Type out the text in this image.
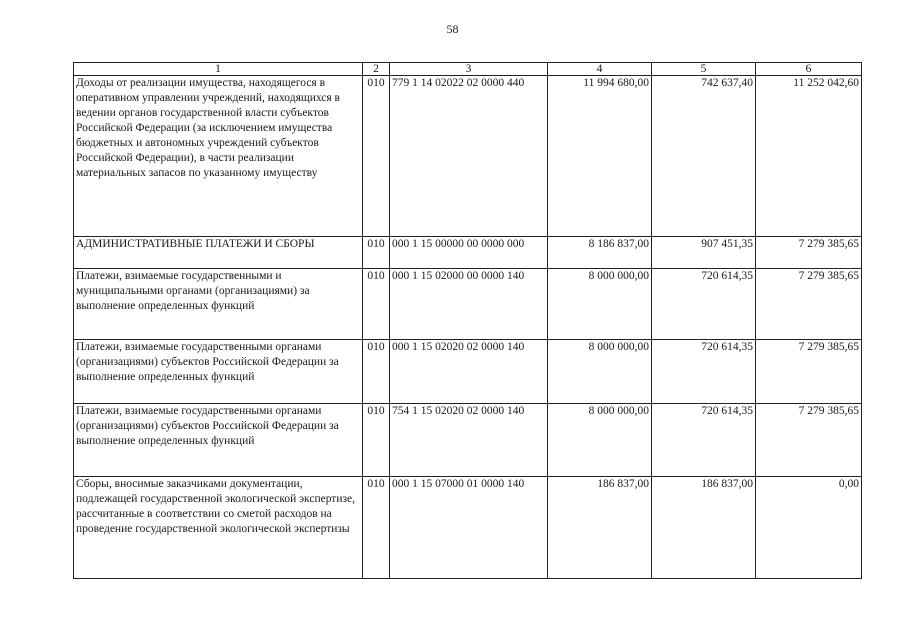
58
1	2	3	4	5	6
Доходы от реализации имущества, находящегося в оперативном управлении учреждений, находящихся в ведении органов государственной власти субъектов Российской Федерации (за исключением имущества бюджетных и автономных учреждений субъектов Российской Федерации), в части реализации материальных запасов по указанному имуществу	010	779 1 14 02022 02 0000 440	11 994 680,00	742 637,40	11 252 042,60
АДМИНИСТРАТИВНЫЕ ПЛАТЕЖИ И СБОРЫ	010	000 1 15 00000 00 0000 000	8 186 837,00	907 451,35	7 279 385,65
Платежи, взимаемые государственными и муниципальными органами (организациями) за выполнение определенных функций	010	000 1 15 02000 00 0000 140	8 000 000,00	720 614,35	7 279 385,65
Платежи, взимаемые государственными органами (организациями) субъектов Российской Федерации за выполнение определенных функций	010	000 1 15 02020 02 0000 140	8 000 000,00	720 614,35	7 279 385,65
Платежи, взимаемые государственными органами (организациями) субъектов Российской Федерации за выполнение определенных функций	010	754 1 15 02020 02 0000 140	8 000 000,00	720 614,35	7 279 385,65
Сборы, вносимые заказчиками документации, подлежащей государственной экологической экспертизе, рассчитанные в соответствии со сметой расходов на проведение государственной экологической экспертизы	010	000 1 15 07000 01 0000 140	186 837,00	186 837,00	0,00
